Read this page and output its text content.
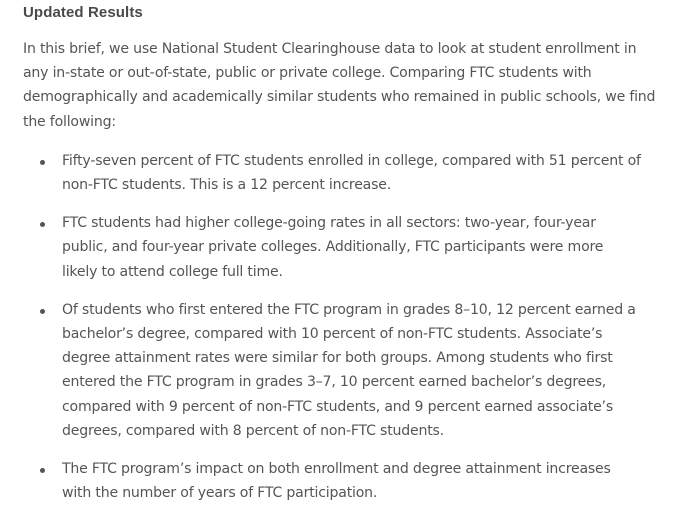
Updated Results

In this brief, we use National Student Clearinghouse data to look at student enrollment in any in-state or out-of-state, public or private college. Comparing FTC students with demographically and academically similar students who remained in public schools, we find the following:

Fifty-seven percent of FTC students enrolled in college, compared with 51 percent of non-FTC students. This is a 12 percent increase.
FTC students had higher college-going rates in all sectors: two-year, four-year public, and four-year private colleges. Additionally, FTC participants were more likely to attend college full time.
Of students who first entered the FTC program in grades 8–10, 12 percent earned a bachelor’s degree, compared with 10 percent of non-FTC students. Associate’s degree attainment rates were similar for both groups. Among students who first entered the FTC program in grades 3–7, 10 percent earned bachelor’s degrees, compared with 9 percent of non-FTC students, and 9 percent earned associate’s degrees, compared with 8 percent of non-FTC students.
The FTC program’s impact on both enrollment and degree attainment increases with the number of years of FTC participation.
